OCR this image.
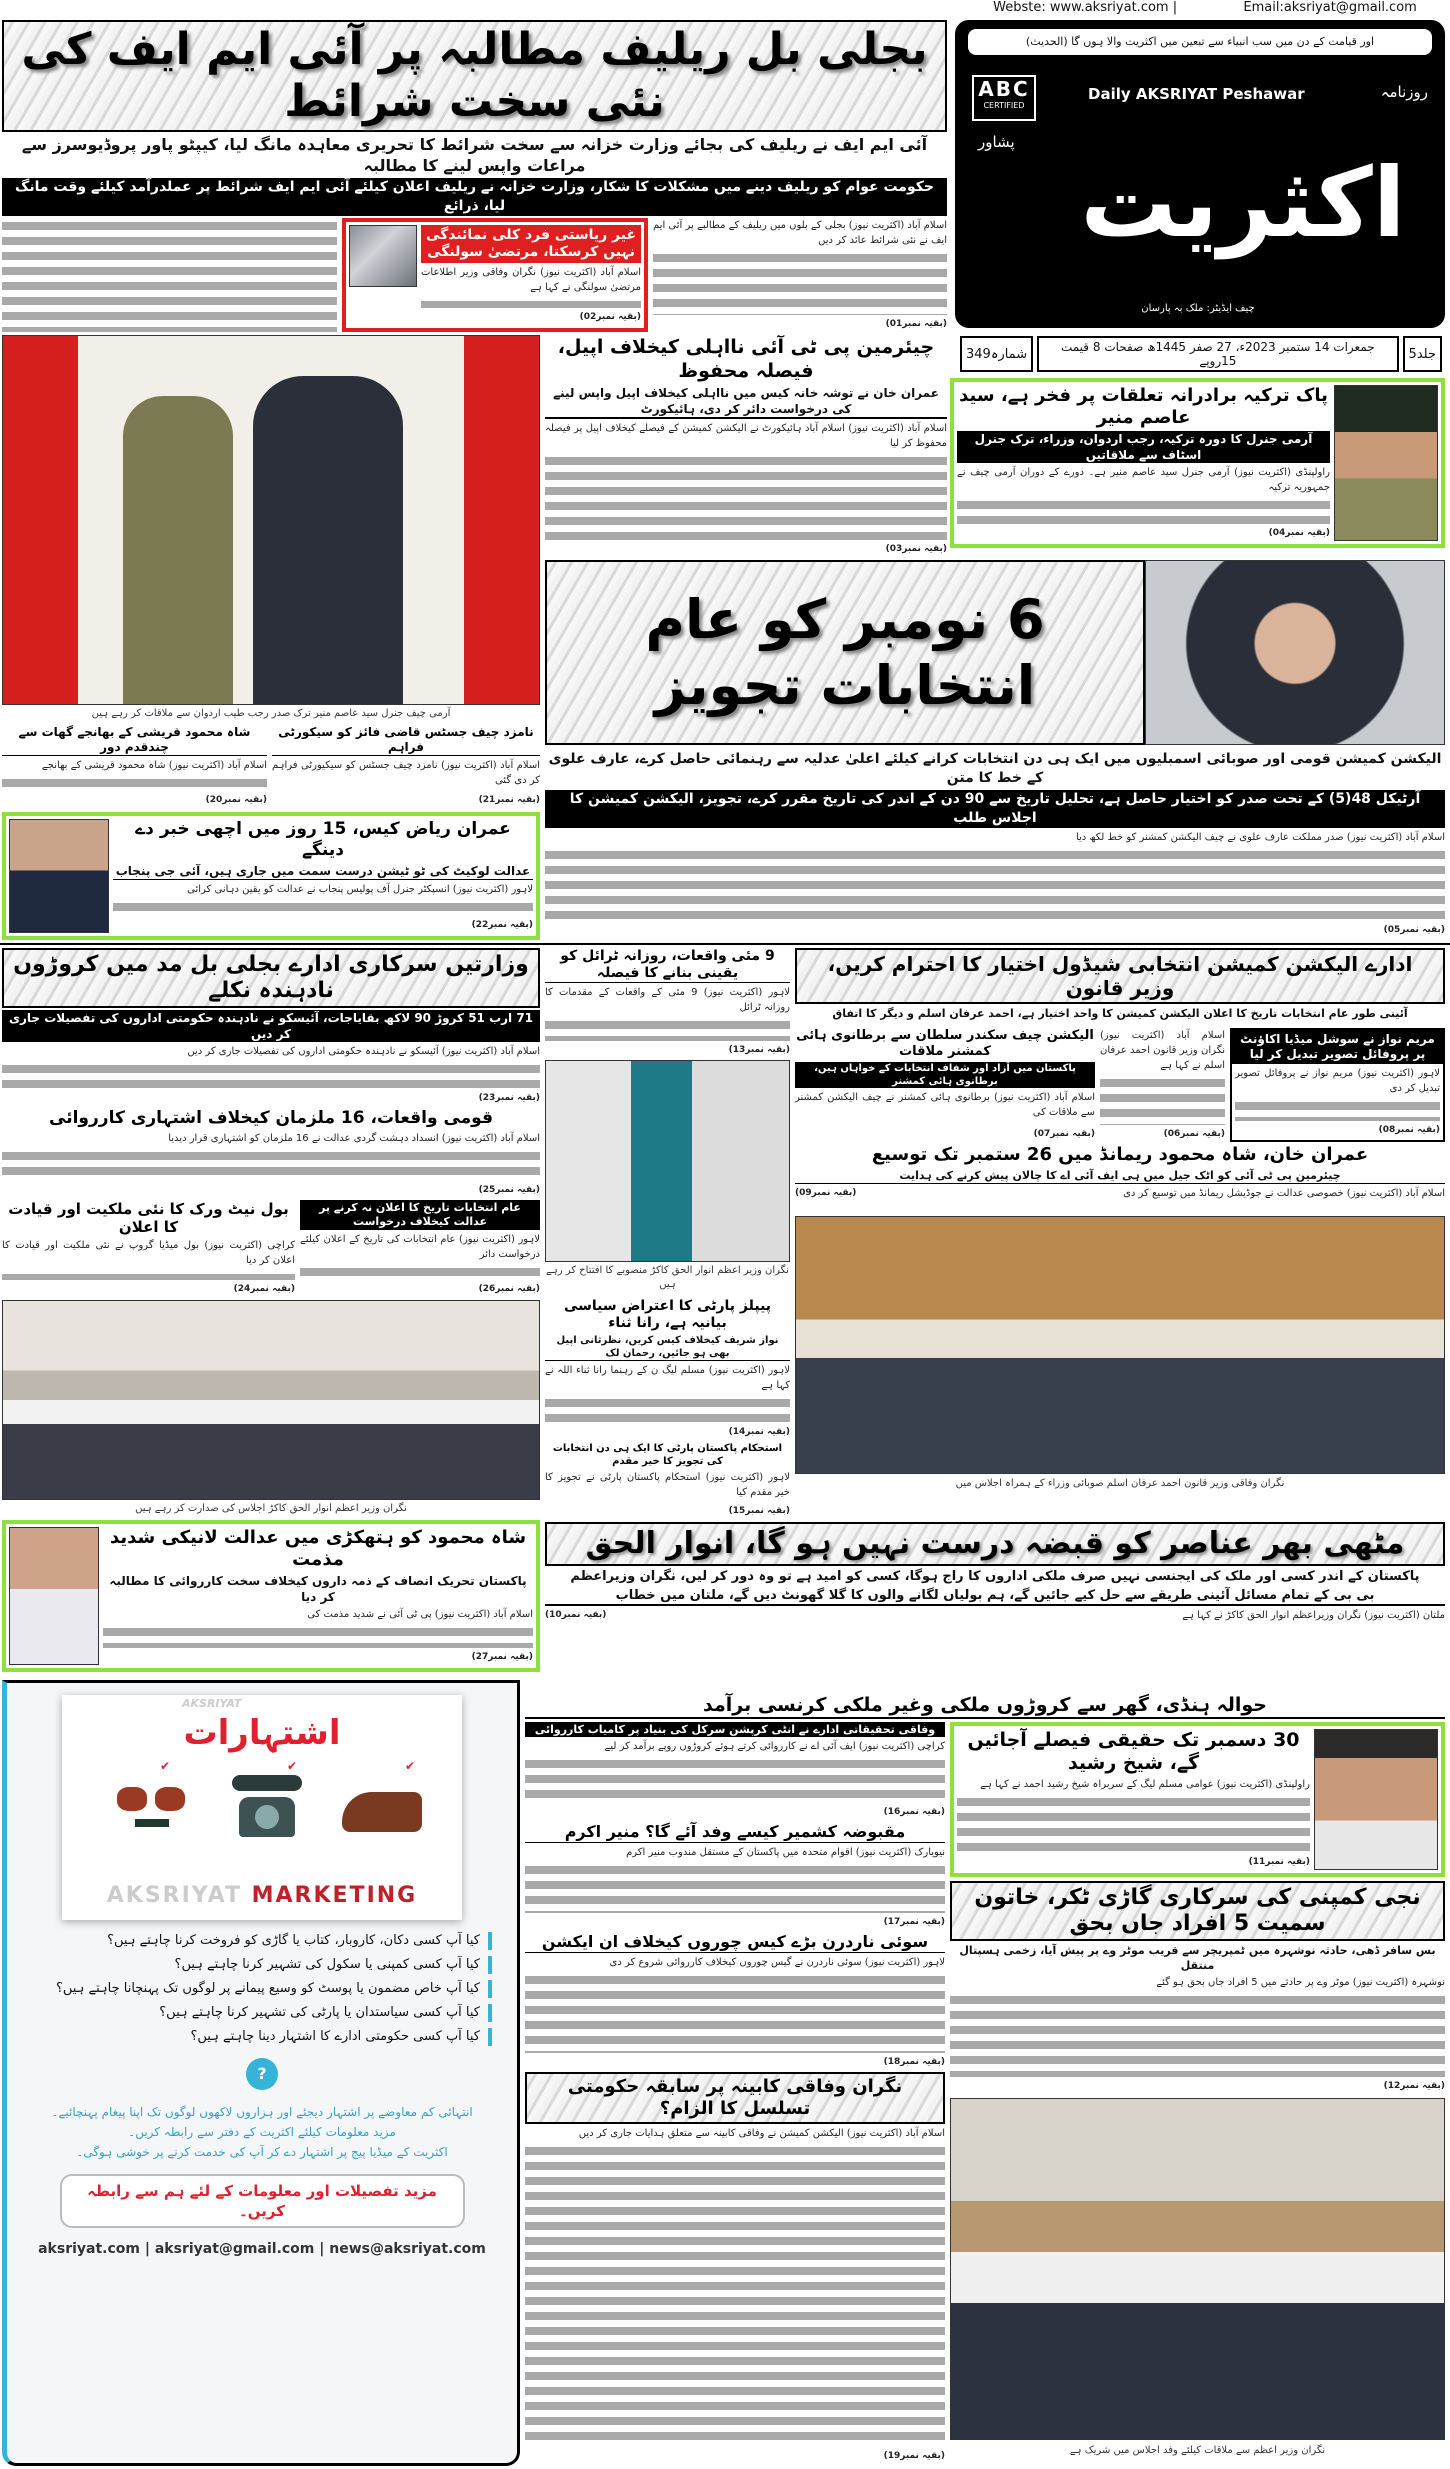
Webste: www.aksriyat.com |	Email:aksriyat@gmail.com
اور قیامت کے دن میں سب انبیاء سے تبعین میں اکثریت والا ہوں گا (الحدیث)
ABC
CERTIFIED
Daily AKSRIYAT Peshawar	روزنامہ
پشاور
اکثریت
چیف ایڈیٹر: ملک بہ پارسان
جلد5
جمعرات 14 ستمبر 2023ء، 27 صفر 1445ھ صفحات 8 قیمت 15روپے
شمارہ349
بجلی بل ریلیف مطالبہ پر آئی ایم ایف کی نئی سخت شرائط
آئی ایم ایف نے ریلیف کی بجائے وزارت خزانہ سے سخت شرائط کا تحریری معاہدہ مانگ لیا، کیپٹو پاور پروڈیوسرز سے مراعات واپس لینے کا مطالبہ
حکومت عوام کو ریلیف دینے میں مشکلات کا شکار، وزارت خزانہ نے ریلیف اعلان کیلئے آئی ایم ایف شرائط پر عملدرآمد کیلئے وقت مانگ لیا، ذرائع
غیر ریاستی فرد کلی نمائندگی نہیں کرسکتا، مرتضیٰ سولنگی
اسلام آباد (اکثریت نیوز) نگران وفاقی وزیر اطلاعات مرتضیٰ سولنگی نے کہا ہے
(بقیہ نمبر02)
اسلام آباد (اکثریت نیوز) بجلی کے بلوں میں ریلیف کے مطالبے پر آئی ایم ایف نے نئی شرائط عائد کر دیں
(بقیہ نمبر01)
آرمی چیف جنرل سید عاصم منیر ترک صدر رجب طیب اردوان سے ملاقات کر رہے ہیں
چیئرمین پی ٹی آئی نااہلی کیخلاف اپیل، فیصلہ محفوظ
عمران خان نے توشہ خانہ کیس میں نااہلی کیخلاف اپیل واپس لینے کی درخواست دائر کر دی، ہائیکورٹ
اسلام آباد (اکثریت نیوز) اسلام آباد ہائیکورٹ نے الیکشن کمیشن کے فیصلے کیخلاف اپیل پر فیصلہ محفوظ کر لیا
(بقیہ نمبر03)
پاک ترکیہ برادرانہ تعلقات پر فخر ہے، سید عاصم منیر
آرمی جنرل کا دورہ ترکیہ، رجب اردوان، وزراء، ترک جنرل اسٹاف سے ملاقاتیں
راولپنڈی (اکثریت نیوز) آرمی جنرل سید عاصم منیر ہے۔ دورے کے دوران آرمی چیف نے جمہوریہ ترکیہ
(بقیہ نمبر04)
6 نومبر کو عام انتخابات تجویز
الیکشن کمیشن قومی اور صوبائی اسمبلیوں میں ایک ہی دن انتخابات کرانے کیلئے اعلیٰ عدلیہ سے رہنمائی حاصل کرے، عارف علوی کے خط کا متن
آرٹیکل 48(5) کے تحت صدر کو اختیار حاصل ہے، تحلیل تاریخ سے 90 دن کے اندر کی تاریخ مقرر کرے، تجویز، الیکشن کمیشن کا اجلاس طلب
اسلام آباد (اکثریت نیوز) صدر مملکت عارف علوی نے چیف الیکشن کمشنر کو خط لکھ دیا
(بقیہ نمبر05)
نامزد چیف جسٹس قاضی فائز کو سیکورٹی فراہم
اسلام آباد (اکثریت نیوز) نامزد چیف جسٹس کو سیکیورٹی فراہم کر دی گئی
(بقیہ نمبر21)
شاہ محمود قریشی کے بھانجے گھات سے چندقدم دور
اسلام آباد (اکثریت نیوز) شاہ محمود قریشی کے بھانجے
(بقیہ نمبر20)
عمران ریاض کیس، 15 روز میں اچھی خبر دے دینگے
عدالت لوکیٹ کی ٹو ٹیشن درست سمت میں جاری ہیں، آئی جی پنجاب
لاہور (اکثریت نیوز) انسپکٹر جنرل آف پولیس پنجاب نے عدالت کو یقین دہانی کرائی
(بقیہ نمبر22)
وزارتیں سرکاری ادارے بجلی بل مد میں کروڑوں نادہندہ نکلے
71 ارب 51 کروڑ 90 لاکھ بقایاجات، آئیسکو نے نادہندہ حکومتی اداروں کی تفصیلات جاری کر دیں
اسلام آباد (اکثریت نیوز) آئیسکو نے نادہندہ حکومتی اداروں کی تفصیلات جاری کر دیں
(بقیہ نمبر23)
قومی واقعات، 16 ملزمان کیخلاف اشتہاری کارروائی
اسلام آباد (اکثریت نیوز) انسداد دہشت گردی عدالت نے 16 ملزمان کو اشتہاری قرار دیدیا
(بقیہ نمبر25)
عام انتخابات تاریخ کا اعلان نہ کرنے پر عدالت کیخلاف درخواست
لاہور (اکثریت نیوز) عام انتخابات کی تاریخ کے اعلان کیلئے درخواست دائر
(بقیہ نمبر26)
بول نیٹ ورک کا نئی ملکیت اور قیادت کا اعلان
کراچی (اکثریت نیوز) بول میڈیا گروپ نے نئی ملکیت اور قیادت کا اعلان کر دیا
(بقیہ نمبر24)
نگران وزیر اعظم انوار الحق کاکڑ اجلاس کی صدارت کر رہے ہیں
9 مئی واقعات، روزانہ ٹرائل کو یقینی بنانے کا فیصلہ
لاہور (اکثریت نیوز) 9 مئی کے واقعات کے مقدمات کا روزانہ ٹرائل
(بقیہ نمبر13)
نگران وزیر اعظم انوار الحق کاکڑ منصوبے کا افتتاح کر رہے ہیں
پیپلز پارٹی کا اعتراض سیاسی بیانیہ ہے، رانا ثناء
نواز شریف کیخلاف کیس کریں، نظرثانی اپیل بھی ہو جائیں، رحمان لک
لاہور (اکثریت نیوز) مسلم لیگ ن کے رہنما رانا ثناء اللہ نے کہا ہے
(بقیہ نمبر14)
استحکام پاکستان پارٹی کا ایک ہی دن انتخابات کی تجویز کا خیر مقدم
لاہور (اکثریت نیوز) استحکام پاکستان پارٹی نے تجویز کا خیر مقدم کیا
(بقیہ نمبر15)
ادارے الیکشن کمیشن انتخابی شیڈول اختیار کا احترام کریں، وزیر قانون
آئینی طور عام انتخابات تاریخ کا اعلان الیکشن کمیشن کا واحد اختیار ہے، احمد عرفان اسلم و دیگر کا اتفاق
اسلام آباد (اکثریت نیوز) نگران وزیر قانون احمد عرفان اسلم نے کہا ہے
(بقیہ نمبر06)
الیکشن چیف سکندر سلطان سے برطانوی ہائی کمشنر ملاقات
پاکستان میں آزاد اور شفاف انتخابات کے خواہاں ہیں، برطانوی ہائی کمشنر
اسلام آباد (اکثریت نیوز) برطانوی ہائی کمشنر نے چیف الیکشن کمشنر سے ملاقات کی
(بقیہ نمبر07)
مریم نواز نے سوشل میڈیا اکاؤنٹ پر پروفائل تصویر تبدیل کر لیا
لاہور (اکثریت نیوز) مریم نواز نے پروفائل تصویر تبدیل کر دی
(بقیہ نمبر08)
عمران خان، شاہ محمود ریمانڈ میں 26 ستمبر تک توسیع
چیئرمین پی ٹی آئی کو اٹک جیل میں ہی ایف آئی اے کا چالان پیش کرنے کی ہدایت
اسلام آباد (اکثریت نیوز) خصوصی عدالت نے جوڈیشل ریمانڈ میں توسیع کر دی
(بقیہ نمبر09)
نگران وفاقی وزیر قانون احمد عرفان اسلم صوبائی وزراء کے ہمراہ اجلاس میں
شاہ محمود کو ہتھکڑی میں عدالت لانیکی شدید مذمت
پاکستان تحریک انصاف کے ذمہ داروں کیخلاف سخت کارروائی کا مطالبہ کر دیا
اسلام آباد (اکثریت نیوز) پی ٹی آئی نے شدید مذمت کی
(بقیہ نمبر27)
مٹھی بھر عناصر کو قبضہ درست نہیں ہو گا، انوار الحق
پاکستان کے اندر کسی اور ملک کی ایجنسی نہیں صرف ملکی اداروں کا راج ہوگا، کسی کو امید ہے تو وہ دور کر لیں، نگران وزیراعظم
بی بی کے تمام مسائل آئینی طریقے سے حل کیے جائیں گے، ہم بولیاں لگانے والوں کا گلا گھونٹ دیں گے، ملتان میں خطاب
ملتان (اکثریت نیوز) نگران وزیراعظم انوار الحق کاکڑ نے کہا ہے
(بقیہ نمبر10)
AKSRIYAT
اشتہارات
✔	✔	✔
AKSRIYAT MARKETING
کیا آپ کسی دکان، کاروبار، کتاب یا گاڑی کو فروخت کرنا چاہتے ہیں؟
کیا آپ کسی کمپنی یا سکول کی تشہیر کرنا چاہتے ہیں؟
کیا آپ خاص مضمون یا پوسٹ کو وسیع پیمانے پر لوگوں تک پہنچانا چاہتے ہیں؟
کیا آپ کسی سیاستدان یا پارٹی کی تشہیر کرنا چاہتے ہیں؟
کیا آپ کسی حکومتی ادارے کا اشتہار دینا چاہتے ہیں؟
?
انتہائی کم معاوضے پر اشتہار دیجئے اور ہزاروں لاکھوں لوگوں تک اپنا پیغام پہنچائیے۔
مزید معلومات کیلئے اکثریت کے دفتر سے رابطہ کریں۔
اکثریت کے میڈیا پیج پر اشتہار دے کر آپ کی خدمت کرنے پر خوشی ہوگی۔
مزید تفصیلات اور معلومات کے لئے ہم سے رابطہ کریں۔
aksriyat.com | aksriyat@gmail.com | news@aksriyat.com
حوالہ ہنڈی، گھر سے کروڑوں ملکی وغیر ملکی کرنسی برآمد
وفاقی تحقیقاتی ادارے نے انٹی کرپشن سرکل کی بنیاد پر کامیاب کارروائی
کراچی (اکثریت نیوز) ایف آئی اے نے کارروائی کرتے ہوئے کروڑوں روپے برآمد کر لیے
(بقیہ نمبر16)
30 دسمبر تک حقیقی فیصلے آجائیں گے، شیخ رشید
راولپنڈی (اکثریت نیوز) عوامی مسلم لیگ کے سربراہ شیخ رشید احمد نے کہا ہے
(بقیہ نمبر11)
مقبوضہ کشمیر کیسے وفد آئے گا؟ منیر اکرم
نیویارک (اکثریت نیوز) اقوام متحدہ میں پاکستان کے مستقل مندوب منیر اکرم
(بقیہ نمبر17)
نجی کمپنی کی سرکاری گاڑی ٹکر، خاتون سمیت 5 افراد جاں بحق
بس سافر ڈھی، حادثہ نوشہرہ میں ٹمپریچر سے قریب موٹر وے پر پیش آیا، زخمی ہسپتال منتقل
نوشہرہ (اکثریت نیوز) موٹر وے پر حادثے میں 5 افراد جاں بحق ہو گئے
(بقیہ نمبر12)
سوئی ناردرن بڑے کیس چوروں کیخلاف ان ایکشن
لاہور (اکثریت نیوز) سوئی ناردرن نے گیس چوروں کیخلاف کارروائی شروع کر دی
(بقیہ نمبر18)
نگران وفاقی کابینہ پر سابقہ حکومتی تسلسل کا الزام؟
اسلام آباد (اکثریت نیوز) الیکشن کمیشن نے وفاقی کابینہ سے متعلق ہدایات جاری کر دیں
(بقیہ نمبر19)	نگران وزیر اعظم سے ملاقات کیلئے وفد اجلاس میں شریک ہے
